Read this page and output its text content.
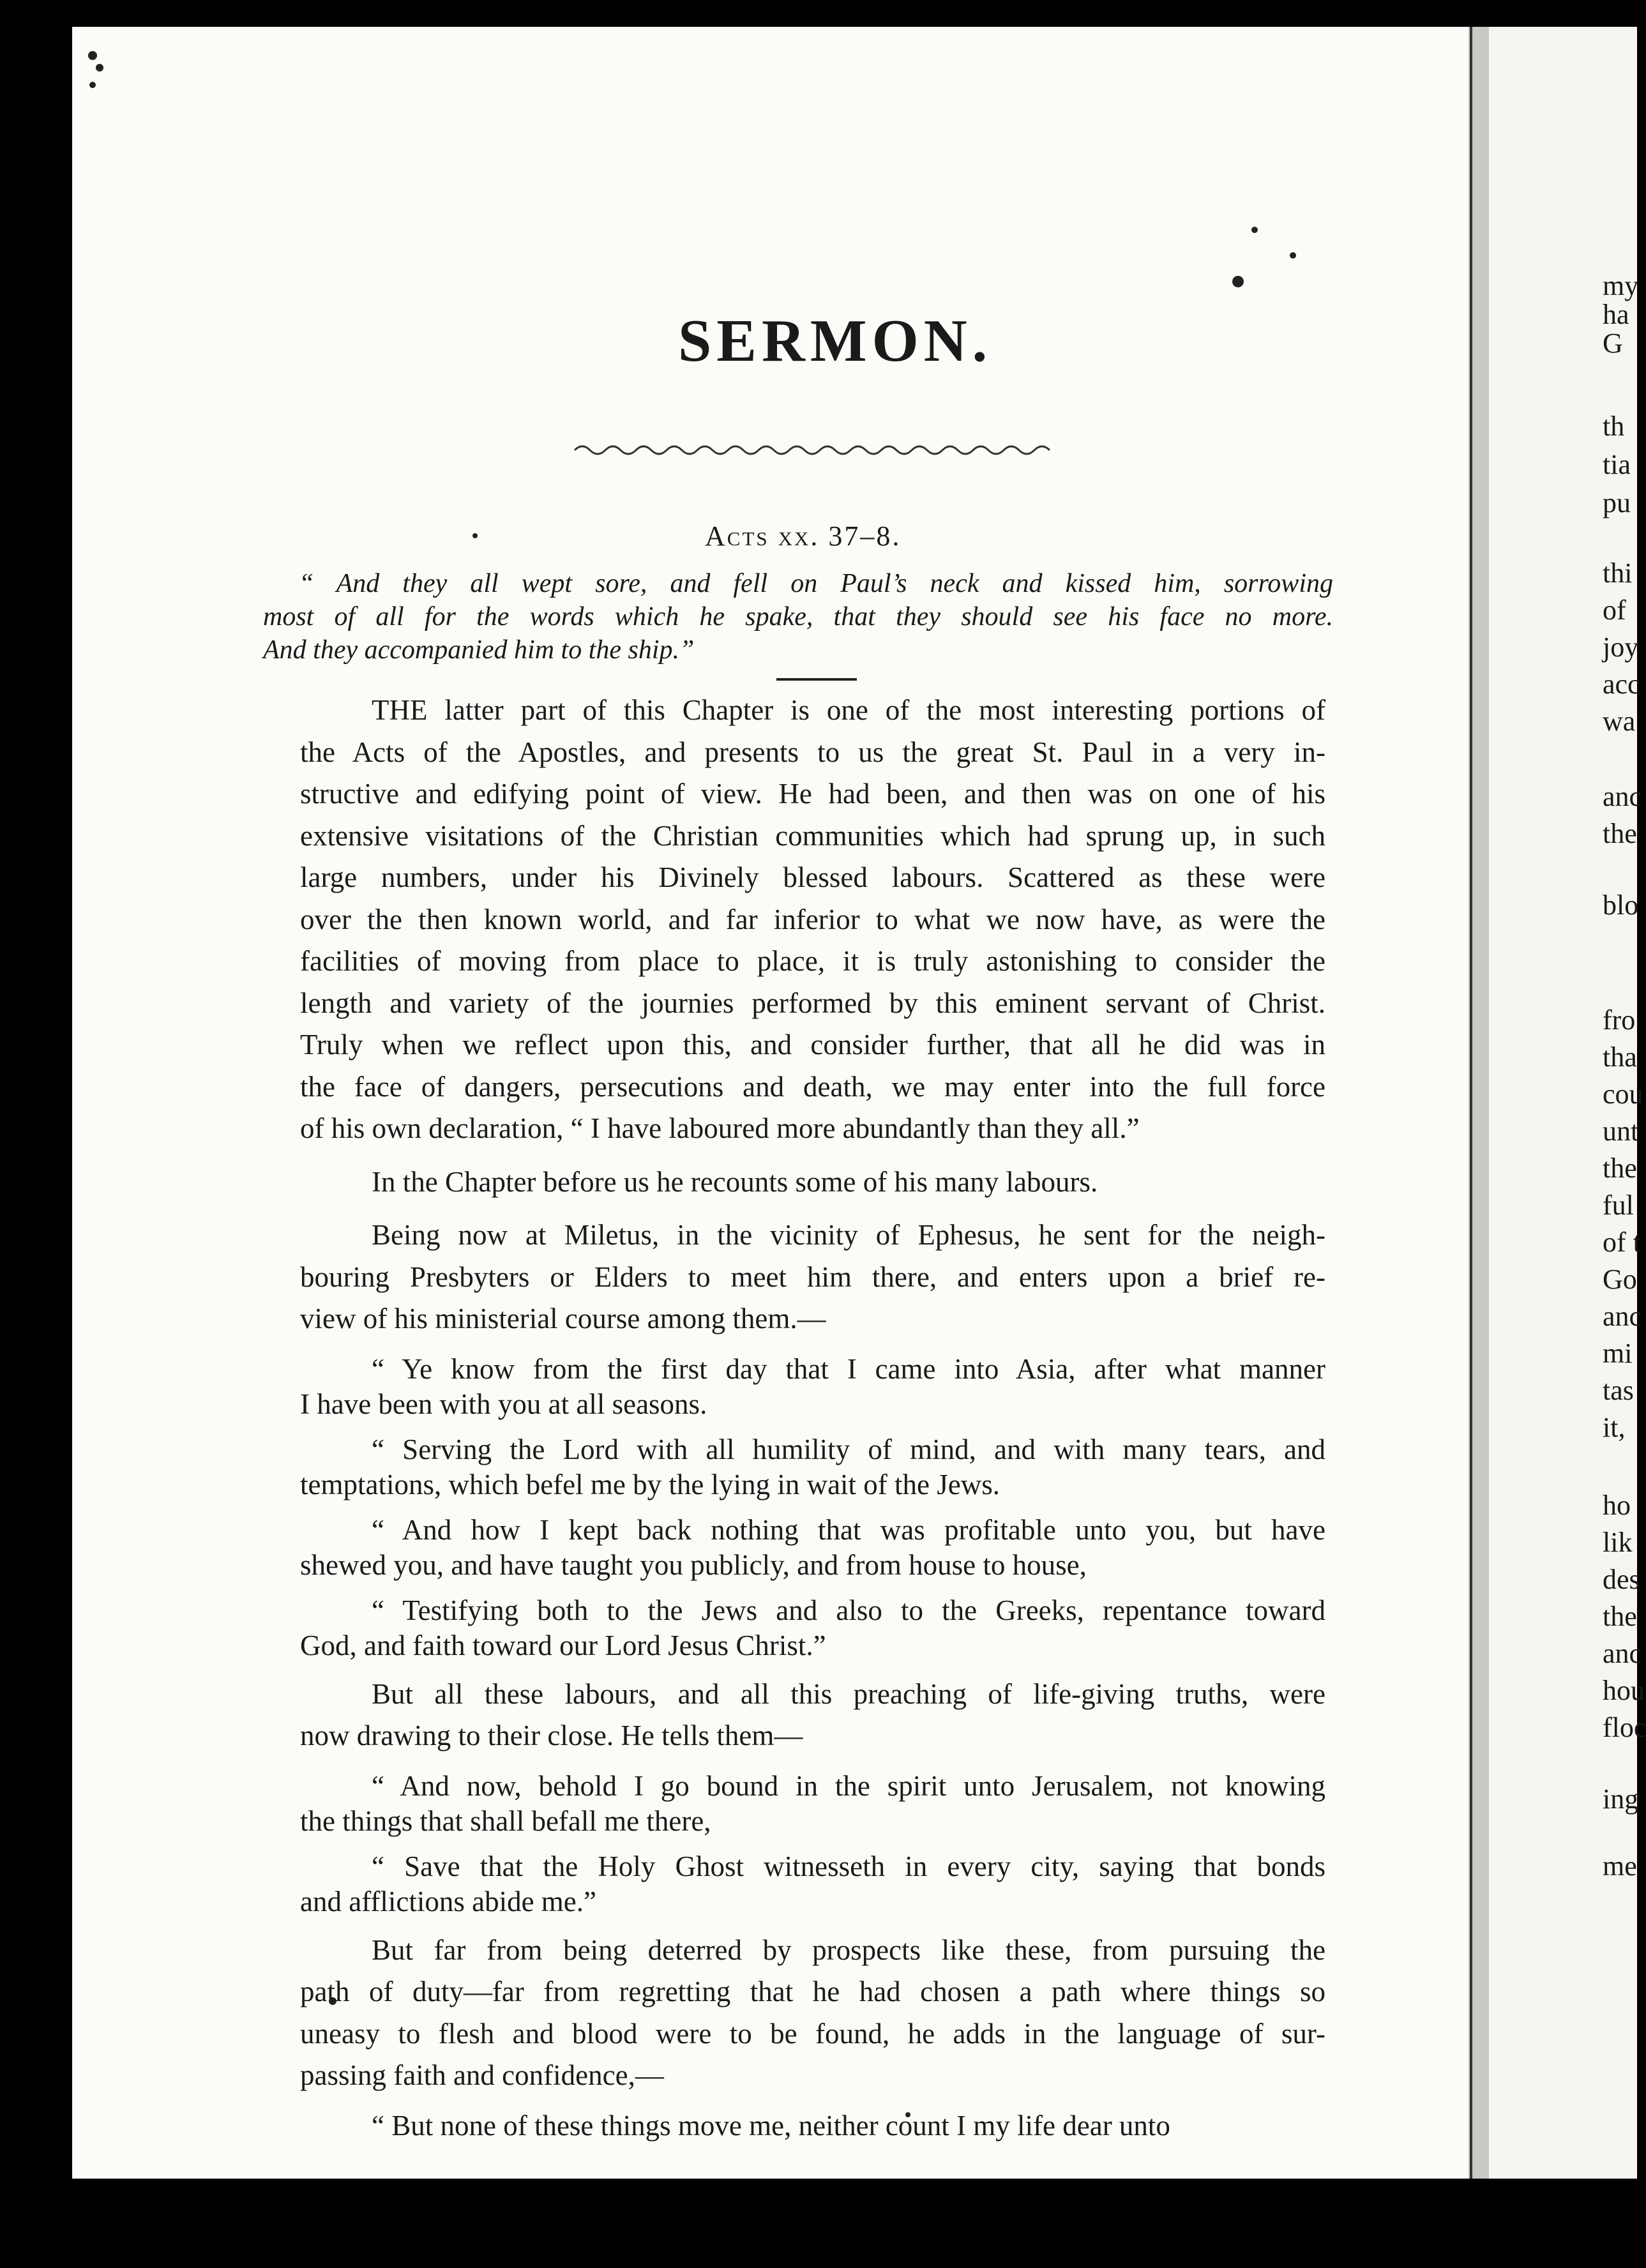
my
ha
G
th
tia
pu
thi
of
joy
acc
wa
anc
the
blo
fro
tha
cou
unt
the
ful
of t
Go
anc
mi
tas
it,
ho
lik
des
the
anc
hou
floc
ing
me
SERMON.
Acts xx. 37–8.
“ And they all wept sore, and fell on Paul’s neck and kissed him, sorrowing
most of all for the words which he spake, that they should see his face no more.
And they accompanied him to the ship.”

THE latter part of this Chapter is one of the most interesting portions of
the Acts of the Apostles, and presents to us the great St. Paul in a very in-
structive and edifying point of view. He had been, and then was on one of his
extensive visitations of the Christian communities which had sprung up, in such
large numbers, under his Divinely blessed labours. Scattered as these were
over the then known world, and far inferior to what we now have, as were the
facilities of moving from place to place, it is truly astonishing to consider the
length and variety of the journies performed by this eminent servant of Christ.
Truly when we reflect upon this, and consider further, that all he did was in
the face of dangers, persecutions and death, we may enter into the full force
of his own declaration, “ I have laboured more abundantly than they all.”

In the Chapter before us he recounts some of his many labours.

Being now at Miletus, in the vicinity of Ephesus, he sent for the neigh-
bouring Presbyters or Elders to meet him there, and enters upon a brief re-
view of his ministerial course among them.—

“ Ye know from the first day that I came into Asia, after what manner
I have been with you at all seasons.

“ Serving the Lord with all humility of mind, and with many tears, and
temptations, which befel me by the lying in wait of the Jews.

“ And how I kept back nothing that was profitable unto you, but have
shewed you, and have taught you publicly, and from house to house,

“ Testifying both to the Jews and also to the Greeks, repentance toward
God, and faith toward our Lord Jesus Christ.”

But all these labours, and all this preaching of life-giving truths, were
now drawing to their close. He tells them—

“ And now, behold I go bound in the spirit unto Jerusalem, not knowing
the things that shall befall me there,

“ Save that the Holy Ghost witnesseth in every city, saying that bonds
and afflictions abide me.”

But far from being deterred by prospects like these, from pursuing the
path of duty—far from regretting that he had chosen a path where things so
uneasy to flesh and blood were to be found, he adds in the language of sur-
passing faith and confidence,—

“ But none of these things move me, neither count I my life dear unto
